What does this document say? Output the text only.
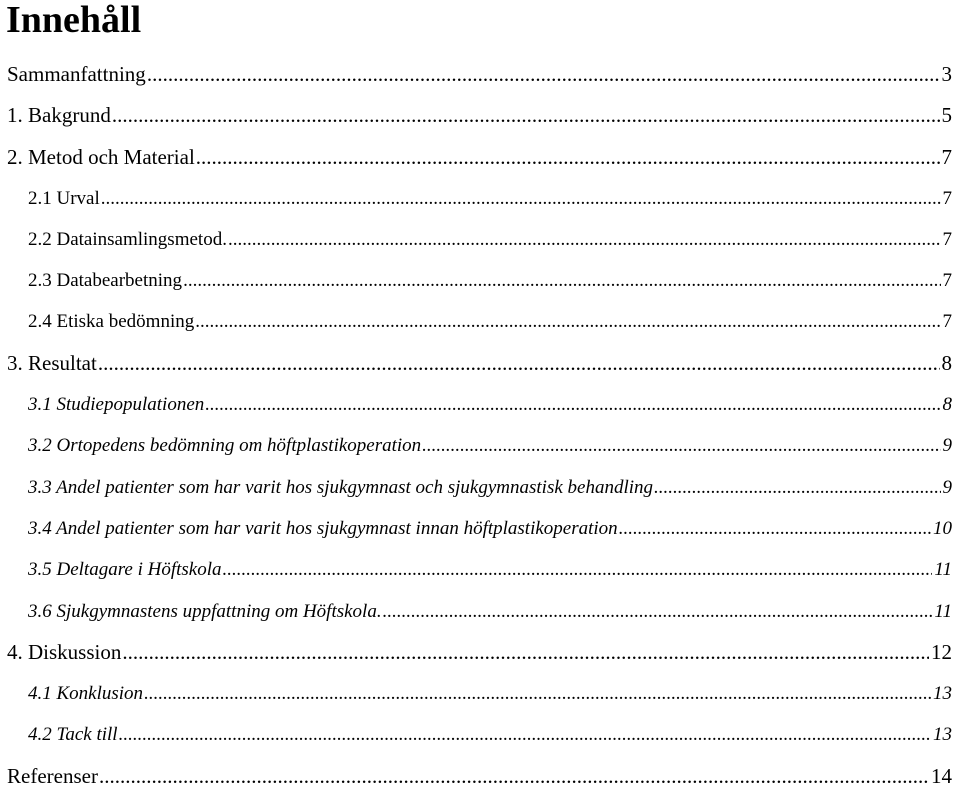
Innehåll
Sammanfattning .....	3
1. Bakgrund .....	5
2. Metod och Material .....	7
2.1 Urval .....	7
2.2 Datainsamlingsmetod. .....	7
2.3 Databearbetning .....	7
2.4 Etiska bedömning .....	7
3. Resultat .....	8
3.1 Studiepopulationen .....	8
3.2 Ortopedens bedömning om höftplastikoperation .....	9
3.3 Andel patienter som har varit hos sjukgymnast och sjukgymnastisk behandling .....	9
3.4 Andel patienter som har varit hos sjukgymnast innan höftplastikoperation .....	10
3.5 Deltagare i Höftskola .....	11
3.6 Sjukgymnastens uppfattning om Höftskola. .....	11
4. Diskussion .....	12
4.1 Konklusion .....	13
4.2 Tack till .....	13
Referenser .....	14
